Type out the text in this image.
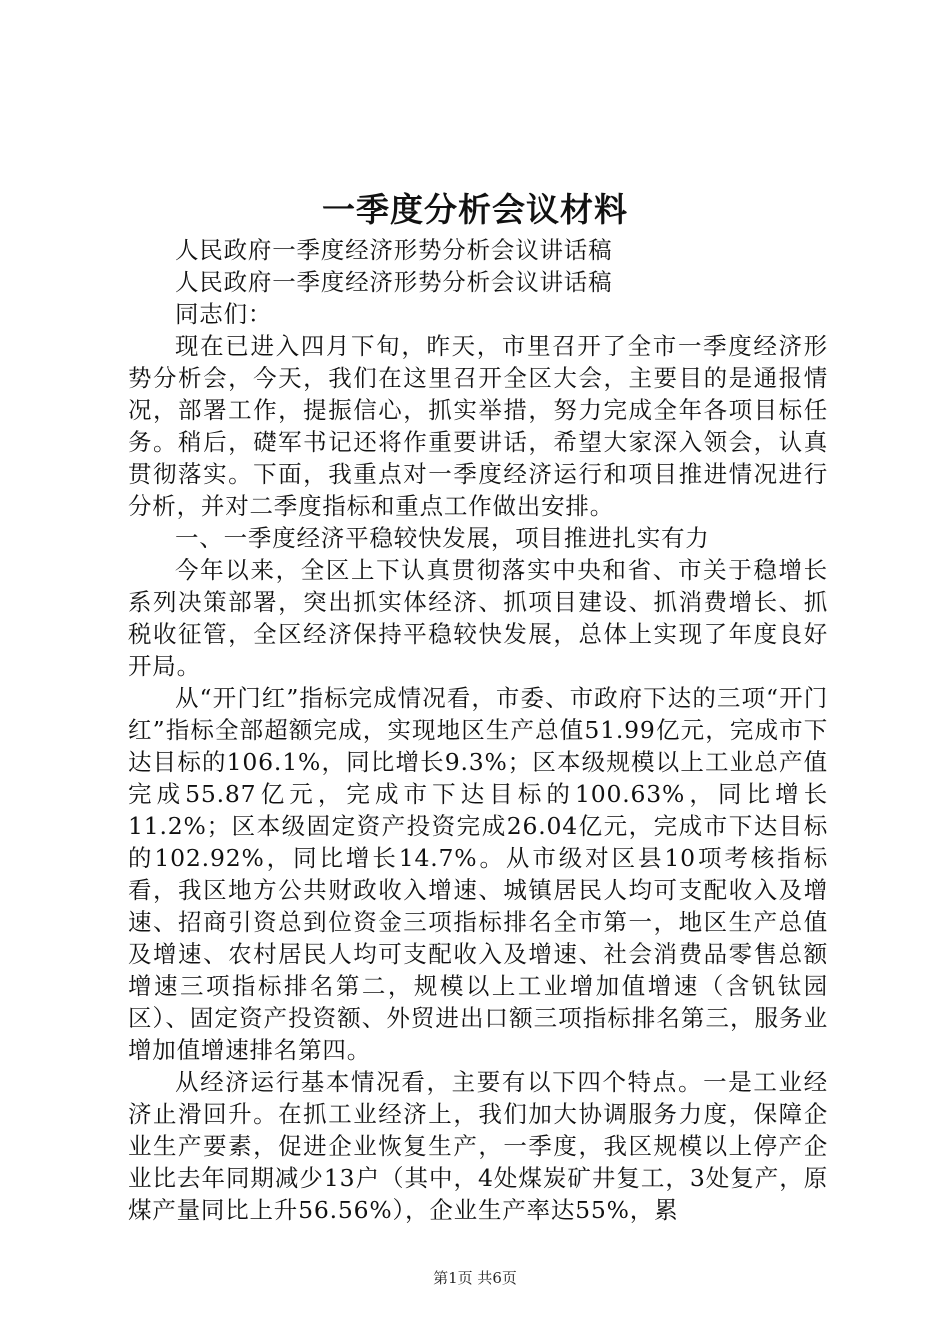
一季度分析会议材料

人民政府一季度经济形势分析会议讲话稿

人民政府一季度经济形势分析会议讲话稿

同志们：

现在已进入四月下旬，昨天，市里召开了全市一季度经济形势分析会，今天，我们在这里召开全区大会，主要目的是通报情况，部署工作，提振信心，抓实举措，努力完成全年各项目标任务。稍后，礎军书记还将作重要讲话，希望大家深入领会，认真贯彻落实。下面，我重点对一季度经济运行和项目推进情况进行分析，并对二季度指标和重点工作做出安排。

一、一季度经济平稳较快发展，项目推进扎实有力

今年以来，全区上下认真贯彻落实中央和省、市关于稳增长系列决策部署，突出抓实体经济、抓项目建设、抓消费增长、抓税收征管，全区经济保持平稳较快发展，总体上实现了年度良好开局。

从“开门红”指标完成情况看，市委、市政府下达的三项“开门红”指标全部超额完成，实现地区生产总值51.99亿元，完成市下达目标的106.1%，同比增长9.3%；区本级规模以上工业总产值完成55.87亿元，完成市下达目标的100.63%，同比增长11.2%；区本级固定资产投资完成26.04亿元，完成市下达目标的102.92%，同比增长14.7%。从市级对区县10项考核指标看，我区地方公共财政收入增速、城镇居民人均可支配收入及增速、招商引资总到位资金三项指标排名全市第一，地区生产总值及增速、农村居民人均可支配收入及增速、社会消费品零售总额增速三项指标排名第二，规模以上工业增加值增速（含钒钛园区）、固定资产投资额、外贸进出口额三项指标排名第三，服务业增加值增速排名第四。

从经济运行基本情况看，主要有以下四个特点。一是工业经济止滑回升。在抓工业经济上，我们加大协调服务力度，保障企业生产要素，促进企业恢复生产，一季度，我区规模以上停产企业比去年同期减少13户（其中，4处煤炭矿井复工，3处复产，原煤产量同比上升56.56%），企业生产率达55%，累

第1页 共6页
